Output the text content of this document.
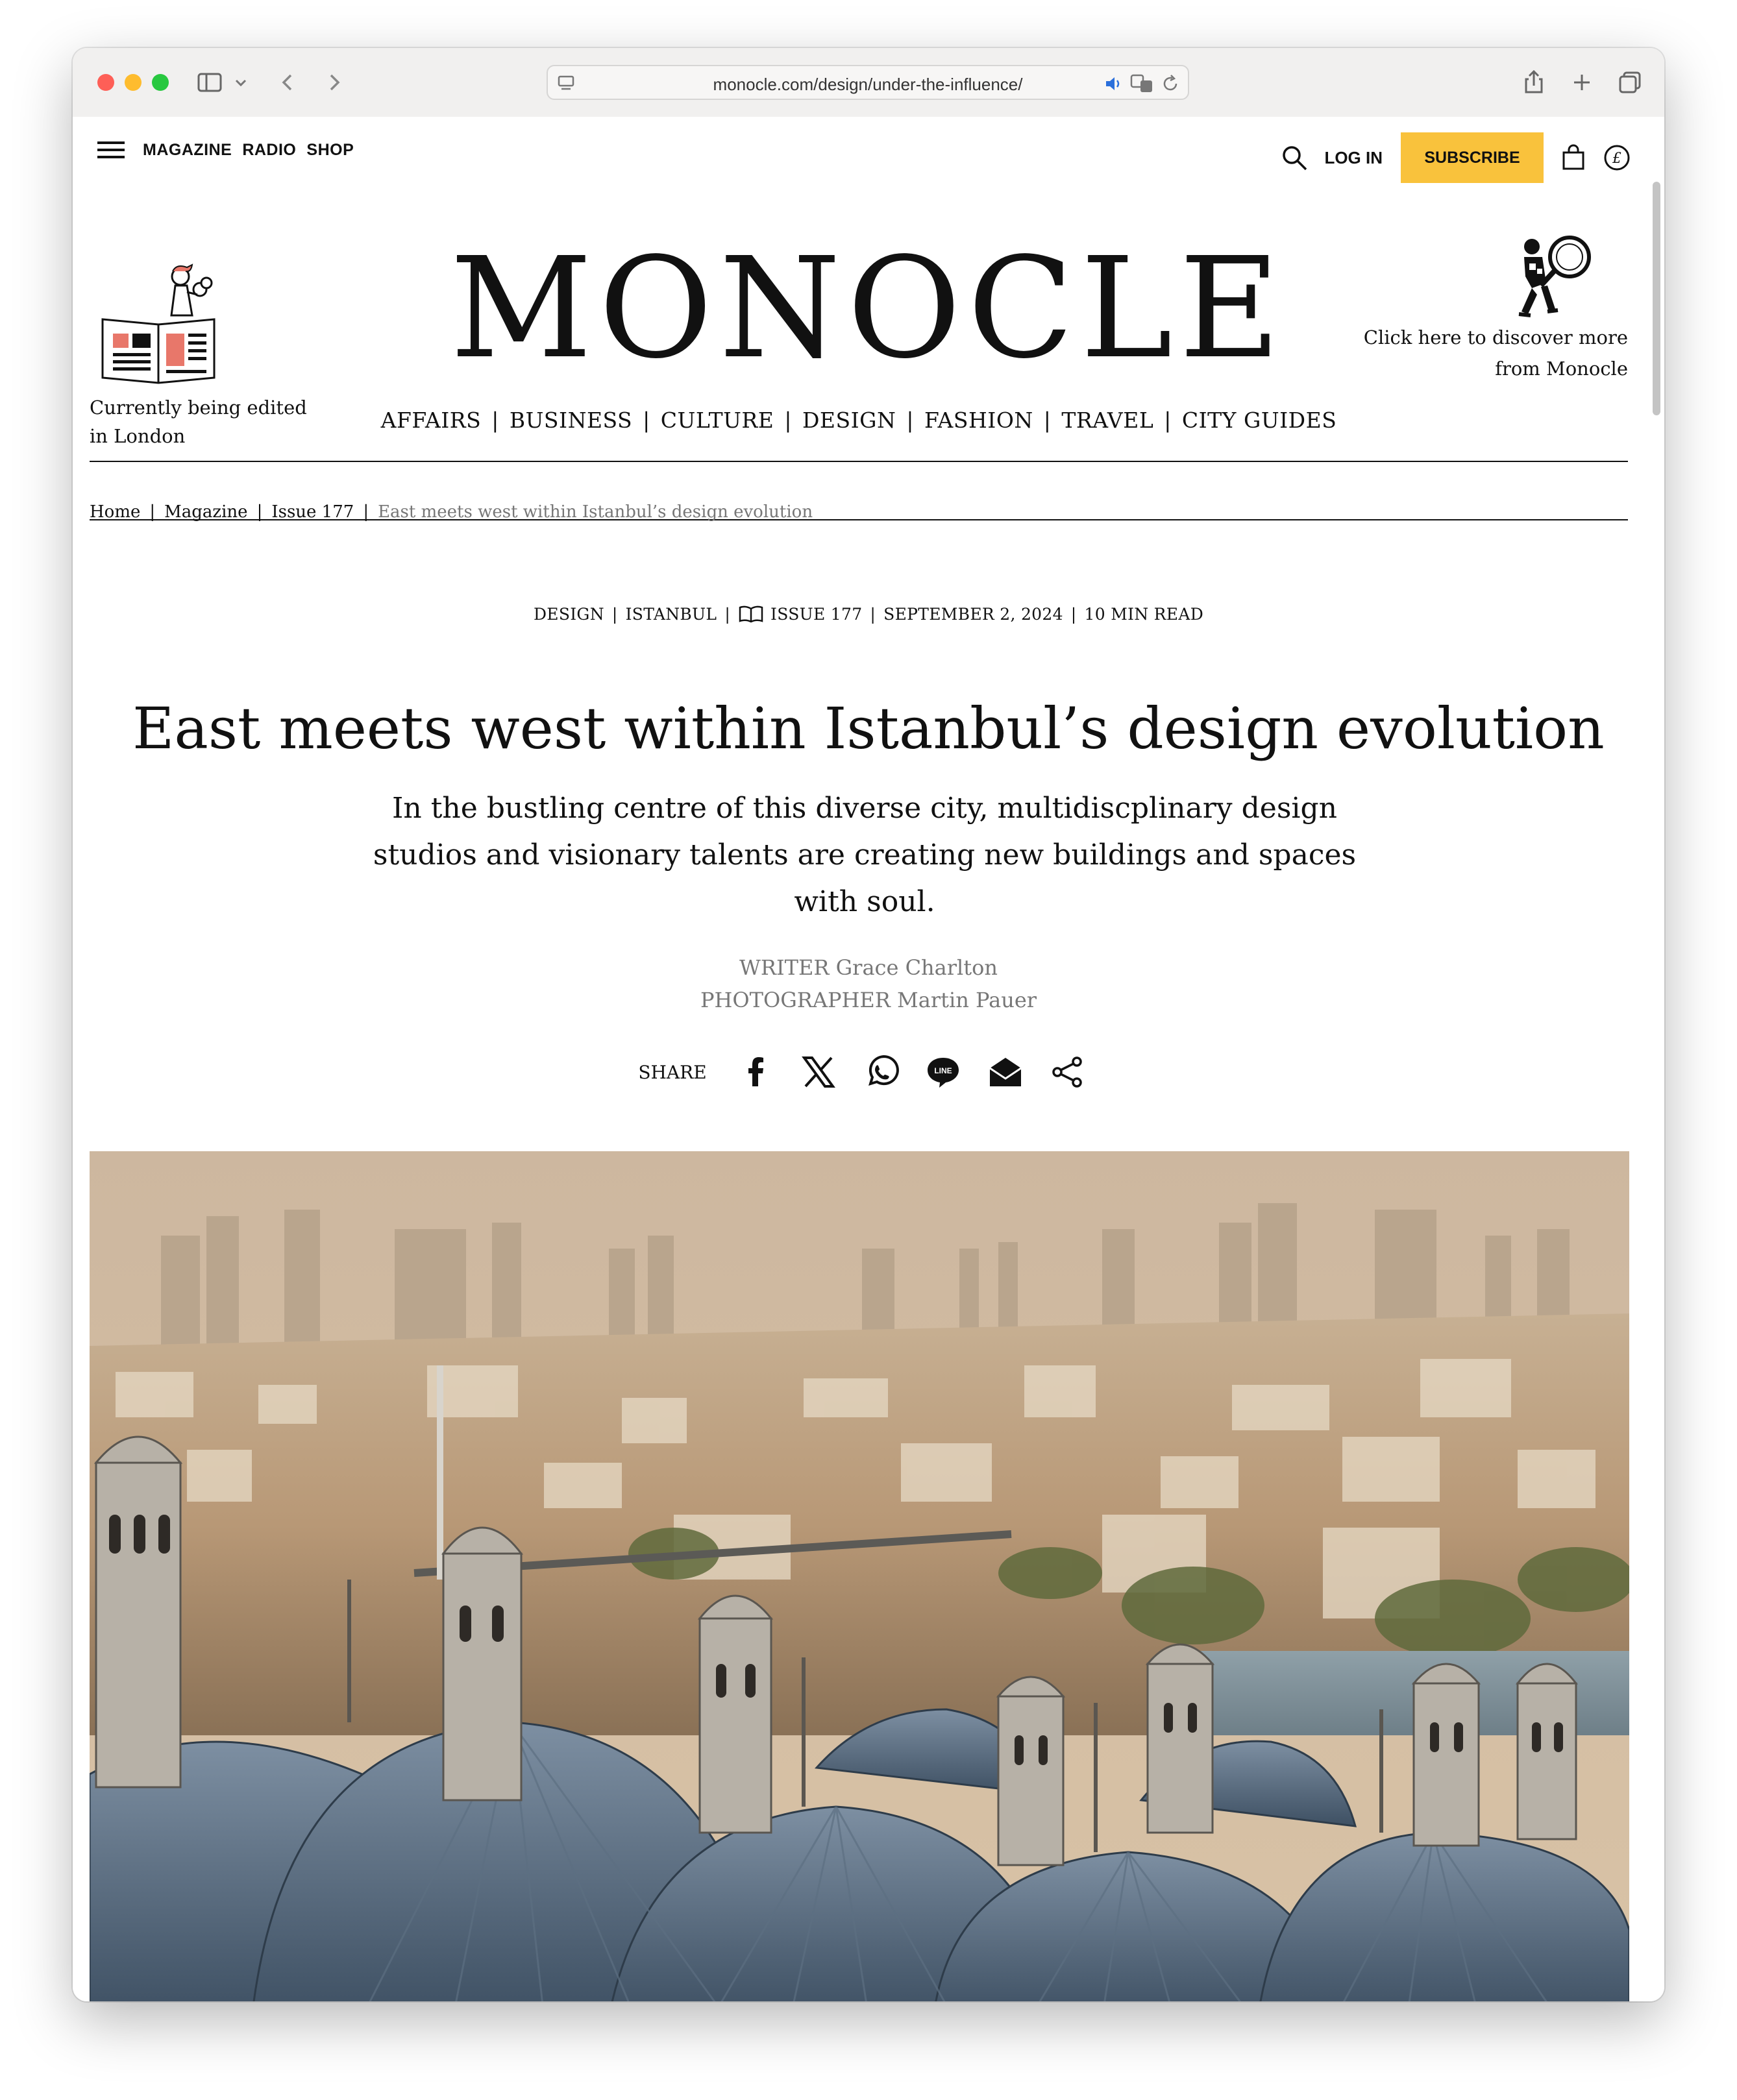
monocle.com/design/under-the-influence/
MAGAZINE RADIO SHOP	LOG IN	SUBSCRIBE	£
Currently being edited
in London
MONOCLE	Click here to discover more
from Monocle
AFFAIRS | BUSINESS | CULTURE | DESIGN | FASHION | TRAVEL | CITY GUIDES
Home | Magazine | Issue 177 | East meets west within Istanbul’s design evolution
DESIGN | ISTANBUL | ISSUE 177 | SEPTEMBER 2, 2024 | 10 MIN READ
East meets west within Istanbul’s design evolution
In the bustling centre of this diverse city, multidiscplinary design studios and visionary talents are creating new buildings and spaces with soul.
WRITER Grace Charlton
PHOTOGRAPHER Martin Pauer
SHARE	LINE
